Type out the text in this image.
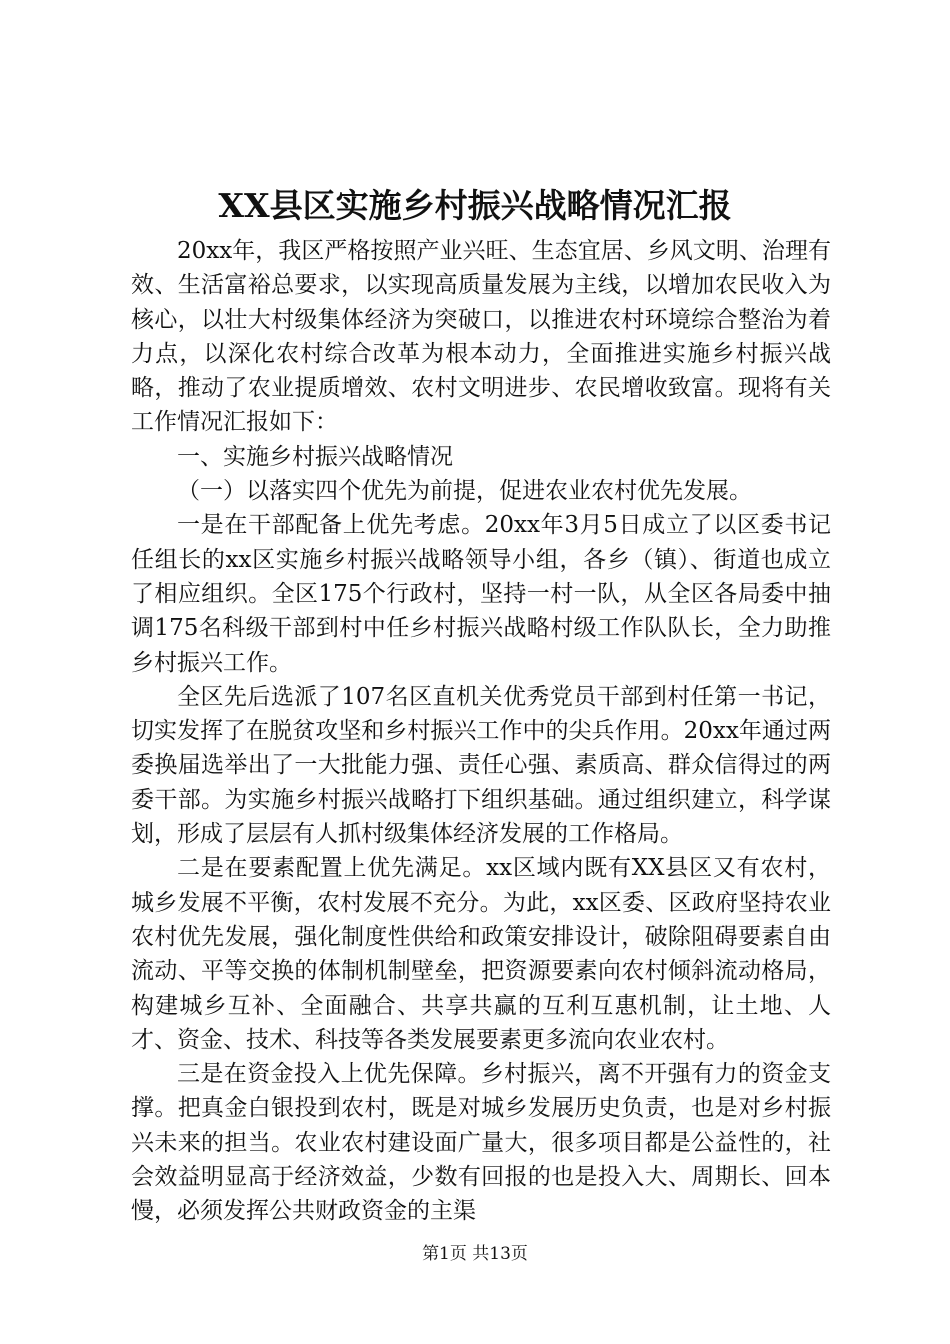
XX县区实施乡村振兴战略情况汇报

20xx年，我区严格按照产业兴旺、生态宜居、乡风文明、治理有效、生活富裕总要求，以实现高质量发展为主线，以增加农民收入为核心，以壮大村级集体经济为突破口，以推进农村环境综合整治为着力点，以深化农村综合改革为根本动力，全面推进实施乡村振兴战略，推动了农业提质增效、农村文明进步、农民增收致富。现将有关工作情况汇报如下：

一、实施乡村振兴战略情况

（一）以落实四个优先为前提，促进农业农村优先发展。

一是在干部配备上优先考虑。20xx年3月5日成立了以区委书记任组长的xx区实施乡村振兴战略领导小组，各乡（镇）、街道也成立了相应组织。全区175个行政村，坚持一村一队，从全区各局委中抽调175名科级干部到村中任乡村振兴战略村级工作队队长，全力助推乡村振兴工作。

全区先后选派了107名区直机关优秀党员干部到村任第一书记，切实发挥了在脱贫攻坚和乡村振兴工作中的尖兵作用。20xx年通过两委换届选举出了一大批能力强、责任心强、素质高、群众信得过的两委干部。为实施乡村振兴战略打下组织基础。通过组织建立，科学谋划，形成了层层有人抓村级集体经济发展的工作格局。

二是在要素配置上优先满足。xx区域内既有XX县区又有农村，城乡发展不平衡，农村发展不充分。为此，xx区委、区政府坚持农业农村优先发展，强化制度性供给和政策安排设计，破除阻碍要素自由流动、平等交换的体制机制壁垒，把资源要素向农村倾斜流动格局，构建城乡互补、全面融合、共享共赢的互利互惠机制，让土地、人才、资金、技术、科技等各类发展要素更多流向农业农村。

三是在资金投入上优先保障。乡村振兴，离不开强有力的资金支撑。把真金白银投到农村，既是对城乡发展历史负责，也是对乡村振兴未来的担当。农业农村建设面广量大，很多项目都是公益性的，社会效益明显高于经济效益，少数有回报的也是投入大、周期长、回本慢，必须发挥公共财政资金的主渠

第1页 共13页
